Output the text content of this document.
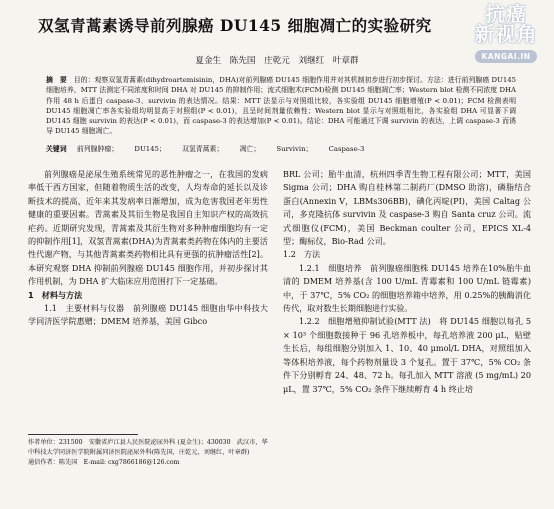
双氢青蒿素诱导前列腺癌 DU145 细胞凋亡的实验研究
夏金生　陈先国　庄乾元　刘继红　叶章群
摘　要　 目的：观察双氢青蒿素(dihydroartemisinin，DHA)对前列腺癌 DU145 细胞作用并对其机制初步进行初步探讨。方法：进行前列腺癌 DU145 细胞培养，MTT 法测定不同浓度和时间 DHA 对 DU145 的抑制作用；流式细胞术(FCM)检测 DU145 细胞凋亡率；Western blot 检测不同浓度 DHA 作用 48 h 后蛋白 caspase-3、survivin 的表达情况。结果：MTT 法显示与对照组比较，各实验组 DU145 细胞增殖(P < 0.01)；FCM 检测表明 DU145 细胞凋亡率各实验组均明显高于对照组(P < 0.01)，且呈时间剂量依赖性；Western blot 显示与对照组相比，各实验组 DHA 可显著下调 DU145 细胞 survivin 的表达(P < 0.01)，而 caspase-3 的表达增加(P < 0.01)。结论：DHA 可能通过下调 survivin 的表达，上调 caspase-3 而诱导 DU145 细胞凋亡。
关键词 前列腺肿瘤； DU145； 双氢青蒿素； 凋亡； Survivin； Caspase-3

前列腺癌是泌尿生殖系统常见的恶性肿瘤之一，在我国的发病率低于西方国家，但随着物质生活的改变，人均寿命的延长以及诊断技术的提高，近年来其发病率日渐增加，成为危害我国老年男性健康的重要因素。青蒿素及其衍生物是我国自主知识产权的高效抗疟药。近期研究发现，青蒿素及其衍生物对多种肿瘤细胞均有一定的抑制作用[1]，双氢青蒿素(DHA)为青蒿素类药物在体内的主要活性代谢产物，与其他青蒿素类药物相比具有更强的抗肿瘤活性[2]。本研究观察 DHA 抑制前列腺癌 DU145 细胞作用，并初步探讨其作用机制，为 DHA 扩大临床应用范围打下一定基础。

1　材料与方法

1.1　主要材料与仪器　前列腺癌 DU145 细胞由华中科技大学同济医学院惠赠；DMEM 培养基，美国 Gibco

BRL 公司；胎牛血清，杭州四季青生物工程有限公司；MTT，美国 Sigma 公司；DHA 购自桂林第二制药厂(DMSO 助溶)，磷脂结合蛋白(Annexin V，LBMs306BB)，碘化丙啶(PI)，美国 Caltag 公司，多克隆抗体 survivin 及 caspase-3 购自 Santa cruz 公司。流式细胞仪(FCM)，美国 Beckman coulter 公司，EPICS XL-4 型；酶标仪，Bio-Rad 公司。

1.2　方法

1.2.1　细胞培养　前列腺癌细胞株 DU145 培养在10%胎牛血清的 DMEM 培养基(含 100 U/mL 青霉素和 100 U/mL 链霉素)中，于 37℃，5% CO₂ 的细胞培养箱中培养，用 0.25%的胰酶消化传代，取对数生长期细胞进行实验。

1.2.2　细胞增殖抑制试验(MTT 法)　将 DU145 细胞以每孔 5 × 10³ 个细胞数接种于 96 孔培养板中，每孔培养液 200 μL，贴壁生长后，每组细胞分别加入 1、10、40 μmol/L DHA，对照组加入等体积培养液，每个药物剂量设 3 个复孔。置于 37℃，5% CO₂ 条件下分别孵育 24、48、72 h。每孔加入 MTT 溶液 (5 mg/mL) 20 μL，置 37℃，5% CO₂ 条件下继续孵育 4 h 终止培

作者单位：231500　安徽省庐江县人民医院泌尿外科 (夏金生)；430030　武汉市，华中科技大学同济医学院附属同济医院泌尿外科(陈先国，庄乾元，刘继红，叶章群)
通信作者：陈先国　E-mail: cxg7866186@126.com
抗癌
新视角
KANGAI.IN
